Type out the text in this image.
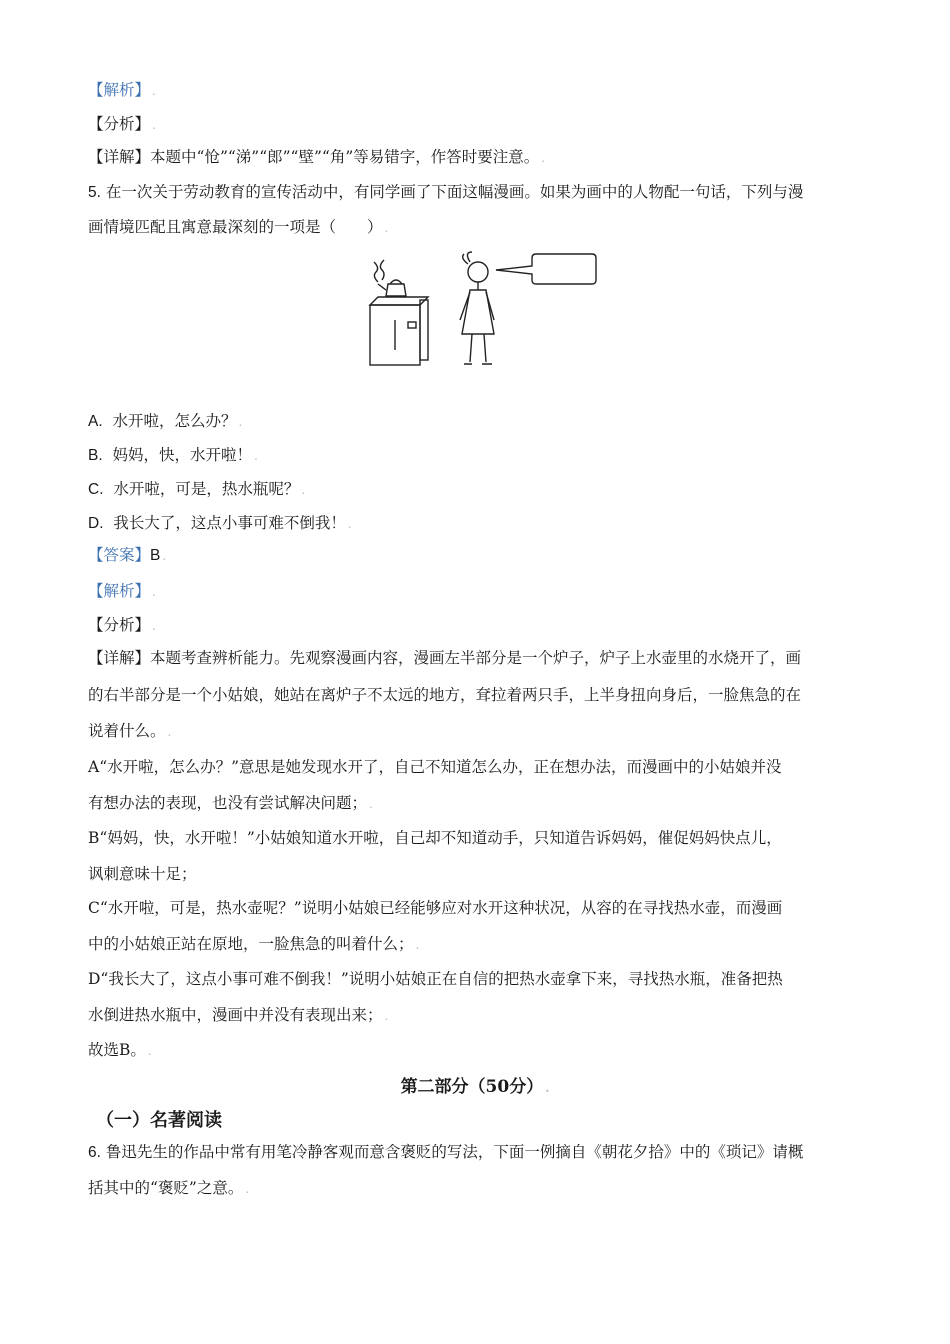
【解析】 .
【分析】 .
【详解】本题中“怆”“涕”“郎”“壁”“角”等易错字，作答时要注意。 .
5. 在一次关于劳动教育的宣传活动中，有同学画了下面这幅漫画。如果为画中的人物配一句话，下列与漫
画情境匹配且寓意最深刻的一项是（　　） .
A. 水开啦，怎么办？ .
B. 妈妈，快，水开啦！ .
C. 水开啦，可是，热水瓶呢？ .
D. 我长大了，这点小事可难不倒我！ .
【答案】B .
【解析】 .
【分析】 .
【详解】本题考查辨析能力。先观察漫画内容，漫画左半部分是一个炉子，炉子上水壶里的水烧开了，画
的右半部分是一个小姑娘，她站在离炉子不太远的地方，耷拉着两只手，上半身扭向身后，一脸焦急的在
说着什么。 .
A“水开啦，怎么办？”意思是她发现水开了，自己不知道怎么办，正在想办法，而漫画中的小姑娘并没
有想办法的表现，也没有尝试解决问题； .
B“妈妈，快，水开啦！”小姑娘知道水开啦，自己却不知道动手，只知道告诉妈妈，催促妈妈快点儿，
讽刺意味十足；
C“水开啦，可是，热水壶呢？”说明小姑娘已经能够应对水开这种状况，从容的在寻找热水壶，而漫画
中的小姑娘正站在原地，一脸焦急的叫着什么； .
D“我长大了，这点小事可难不倒我！”说明小姑娘正在自信的把热水壶拿下来，寻找热水瓶，准备把热
水倒进热水瓶中，漫画中并没有表现出来； .
故选B。 .
第二部分（50分） .
（一）名著阅读
6. 鲁迅先生的作品中常有用笔冷静客观而意含褒贬的写法，下面一例摘自《朝花夕拾》中的《琐记》请概
括其中的“褒贬”之意。 .
